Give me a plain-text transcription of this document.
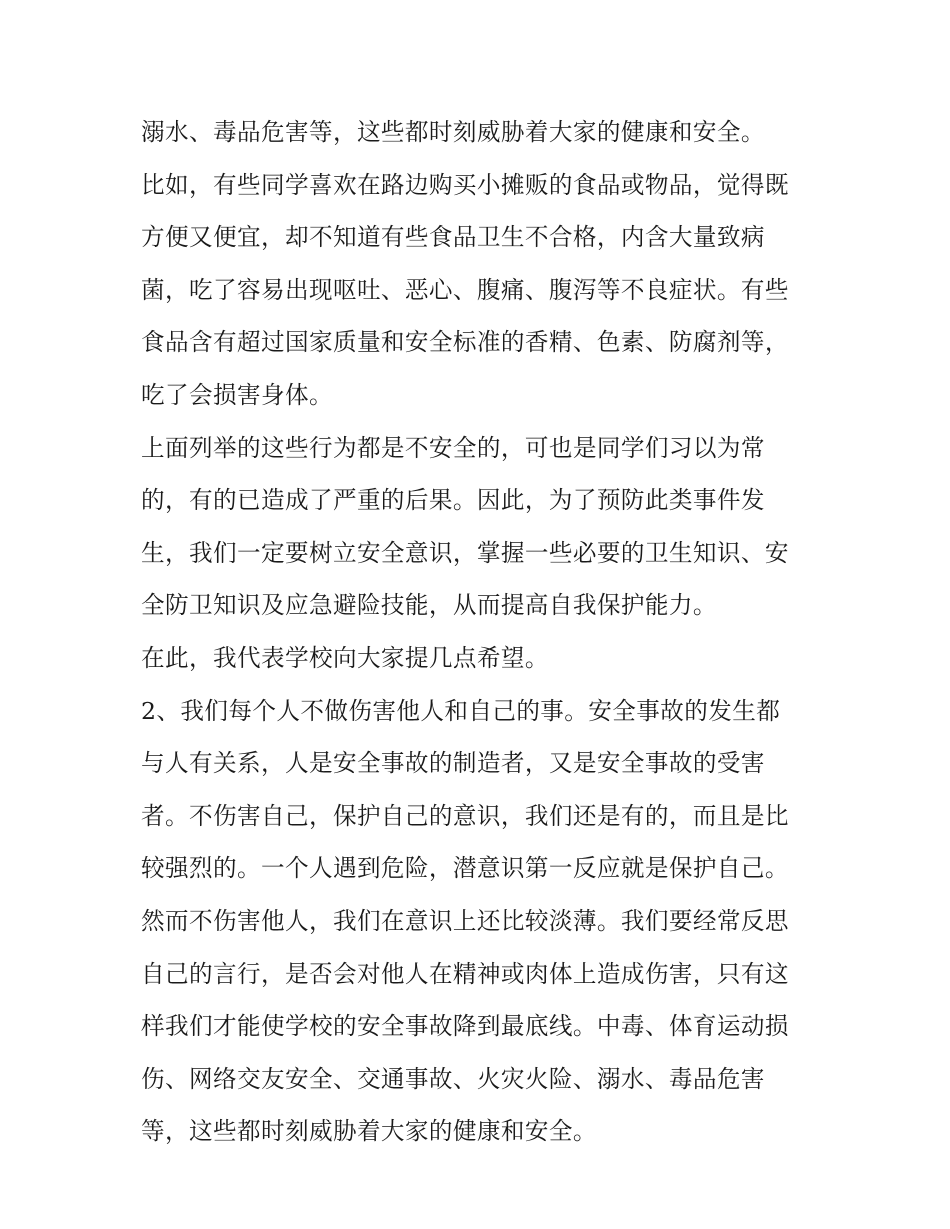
溺水、毒品危害等，这些都时刻威胁着大家的健康和安全。
比如，有些同学喜欢在路边购买小摊贩的食品或物品，觉得既
方便又便宜，却不知道有些食品卫生不合格，内含大量致病
菌，吃了容易出现呕吐、恶心、腹痛、腹泻等不良症状。有些
食品含有超过国家质量和安全标准的香精、色素、防腐剂等，
吃了会损害身体。
上面列举的这些行为都是不安全的，可也是同学们习以为常
的，有的已造成了严重的后果。因此，为了预防此类事件发
生，我们一定要树立安全意识，掌握一些必要的卫生知识、安
全防卫知识及应急避险技能，从而提高自我保护能力。
在此，我代表学校向大家提几点希望。
2、我们每个人不做伤害他人和自己的事。安全事故的发生都
与人有关系，人是安全事故的制造者，又是安全事故的受害
者。不伤害自己，保护自己的意识，我们还是有的，而且是比
较强烈的。一个人遇到危险，潜意识第一反应就是保护自己。
然而不伤害他人，我们在意识上还比较淡薄。我们要经常反思
自己的言行，是否会对他人在精神或肉体上造成伤害，只有这
样我们才能使学校的安全事故降到最底线。中毒、体育运动损
伤、网络交友安全、交通事故、火灾火险、溺水、毒品危害
等，这些都时刻威胁着大家的健康和安全。
